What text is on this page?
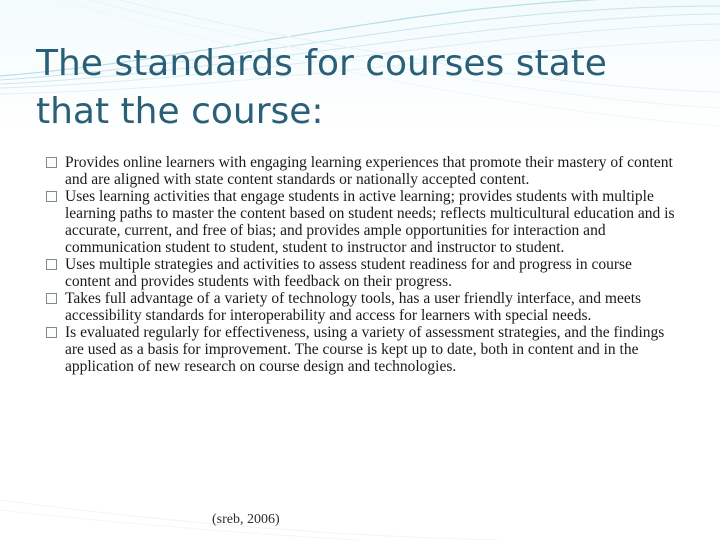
The standards for courses state that the course:
Provides online learners with engaging learning experiences that promote their mastery of content and are aligned with state content standards or nationally accepted content.
Uses learning activities that engage students in active learning; provides students with multiple learning paths to master the content based on student needs; reflects multicultural education and is accurate, current, and free of bias; and provides ample opportunities for interaction and communication student to student, student to instructor and instructor to student.
Uses multiple strategies and activities to assess student readiness for and progress in course content and provides students with feedback on their progress.
Takes full advantage of a variety of technology tools, has a user friendly interface, and meets accessibility standards for interoperability and access for learners with special needs.
Is evaluated regularly for effectiveness, using a variety of assessment strategies, and the findings are used as a basis for improvement. The course is kept up to date, both in content and in the application of new research on course design and technologies.

(sreb, 2006)
